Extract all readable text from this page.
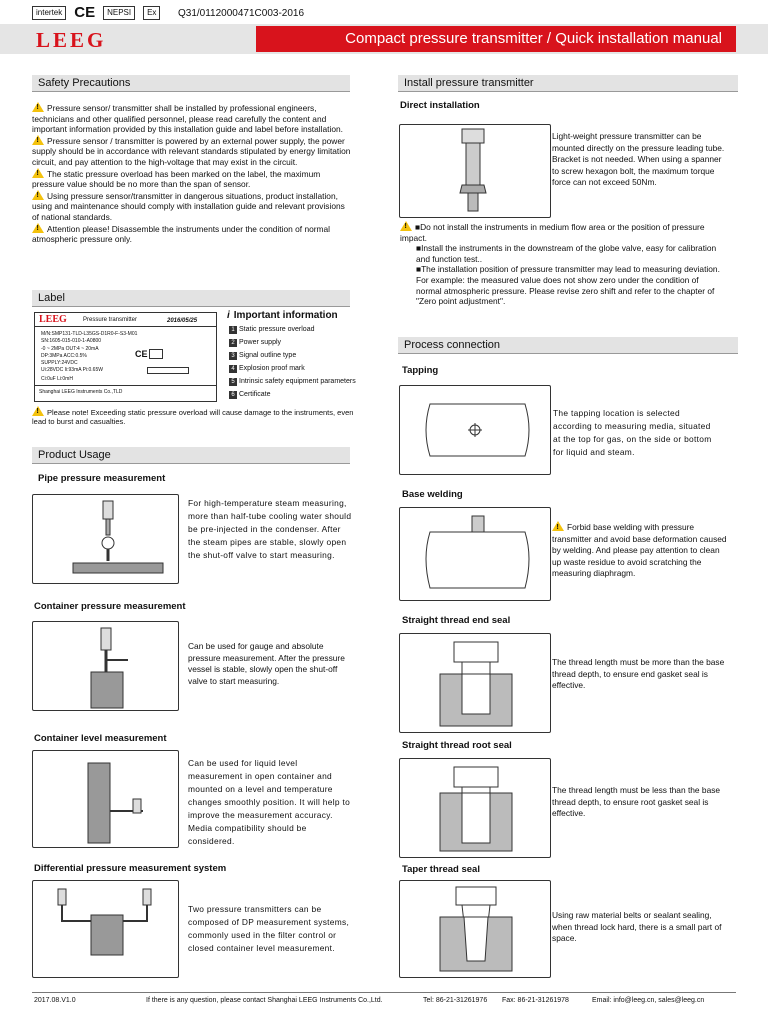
intertek CE	NEPSI	Ex	Q31/0112000471C003-2016
LEEG	Compact pressure transmitter / Quick installation manual
Safety Precautions

!Pressure sensor/ transmitter shall be installed by professional engineers, technicians and other qualified personnel, please read carefully the content and important information provided by this installation guide and label before installation.

!Pressure sensor / transmitter is powered by an external power supply, the power supply should be in accordance with relevant standards stipulated by energy limitation circuit, and pay attention to the high-voltage that may exist in the circuit.

!The static pressure overload has been marked on the label, the maximum pressure value should be no more than the span of sensor.

!Using pressure sensor/transmitter in dangerous situations, product installation, using and maintenance should comply with installation guide and relevant provisions of national standards.

!Attention please! Disassemble the instruments under the condition of normal atmospheric pressure only.

Label
LEEG	Pressure transmitter	2016/05/25
M/N:SMP131-TLD-L35GS-D1R0-F-S3-M01
SN:1605-015-010-1-A0800
-0 ~ 2MPa OUT:4 ~ 20mA
DP:3MPa ACC:0.5%
SUPPLY:24VDC
Ui:28VDC Ii:93mA Pi:0.65W
Ci:0uF Li:0mH
Shanghai LEEG Instruments Co.,TLD
CE
i Important information
1 Static pressure overload
2 Power supply
3 Signal outline type
4 Explosion proof mark
5 Intrinsic safety equipment parameters
6 Certificate
!Please note! Exceeding static pressure overload will cause damage to the instruments, even lead to burst and casualties.
Product Usage
Pipe pressure measurement
For high-temperature steam measuring, more than half-tube cooling water should be pre-injected in the condenser. After the steam pipes are stable, slowly open the shut-off valve to start measuring.
Container pressure measurement
Can be used for gauge and absolute pressure measurement. After the pressure vessel is stable, slowly open the shut-off valve to start measuring.
Container level measurement
Can be used for liquid level measurement in open container and mounted on a level and temperature changes smoothly position. It will help to improve the measurement accuracy. Media compatibility should be considered.
Differential pressure measurement system
Two pressure transmitters can be composed of DP measurement systems, commonly used in the filter control or closed container level measurement.
Install pressure transmitter
Direct installation
Light-weight pressure transmitter can be mounted directly on the pressure leading tube. Bracket is not needed. When using a spanner to screw hexagon bolt, the maximum torque force can not exceed 50Nm.

!■Do not install the instruments in medium flow area or the position of pressure impact.

■Install the instruments in the downstream of the globe valve, easy for calibration and function test..

■The installation position of pressure transmitter may lead to measuring deviation. For example: the measured value does not show zero under the condition of normal atmospheric pressure. Please revise zero shift and refer to the chapter of "Zero point adjustment".

Process connection
Tapping
The tapping location is selected according to measuring media, situated at the top for gas, on the side or bottom for liquid and steam.
Base welding
!Forbid base welding with pressure transmitter and avoid base deformation caused by welding. And please pay attention to clean up waste residue to avoid scratching the measuring diaphragm.
Straight thread end seal
The thread length must be more than the base thread depth, to ensure end gasket seal is effective.
Straight thread root seal
The thread length must be less than the base thread depth, to ensure root gasket seal is effective.
Taper thread seal
Using raw material belts or sealant sealing, when thread lock hard, there is a small part of space.
2017.08.V1.0	If there is any question, please contact Shanghai LEEG Instruments Co.,Ltd.	Tel: 86-21-31261976 Fax: 86-21-31261978	Email: info@leeg.cn, sales@leeg.cn
